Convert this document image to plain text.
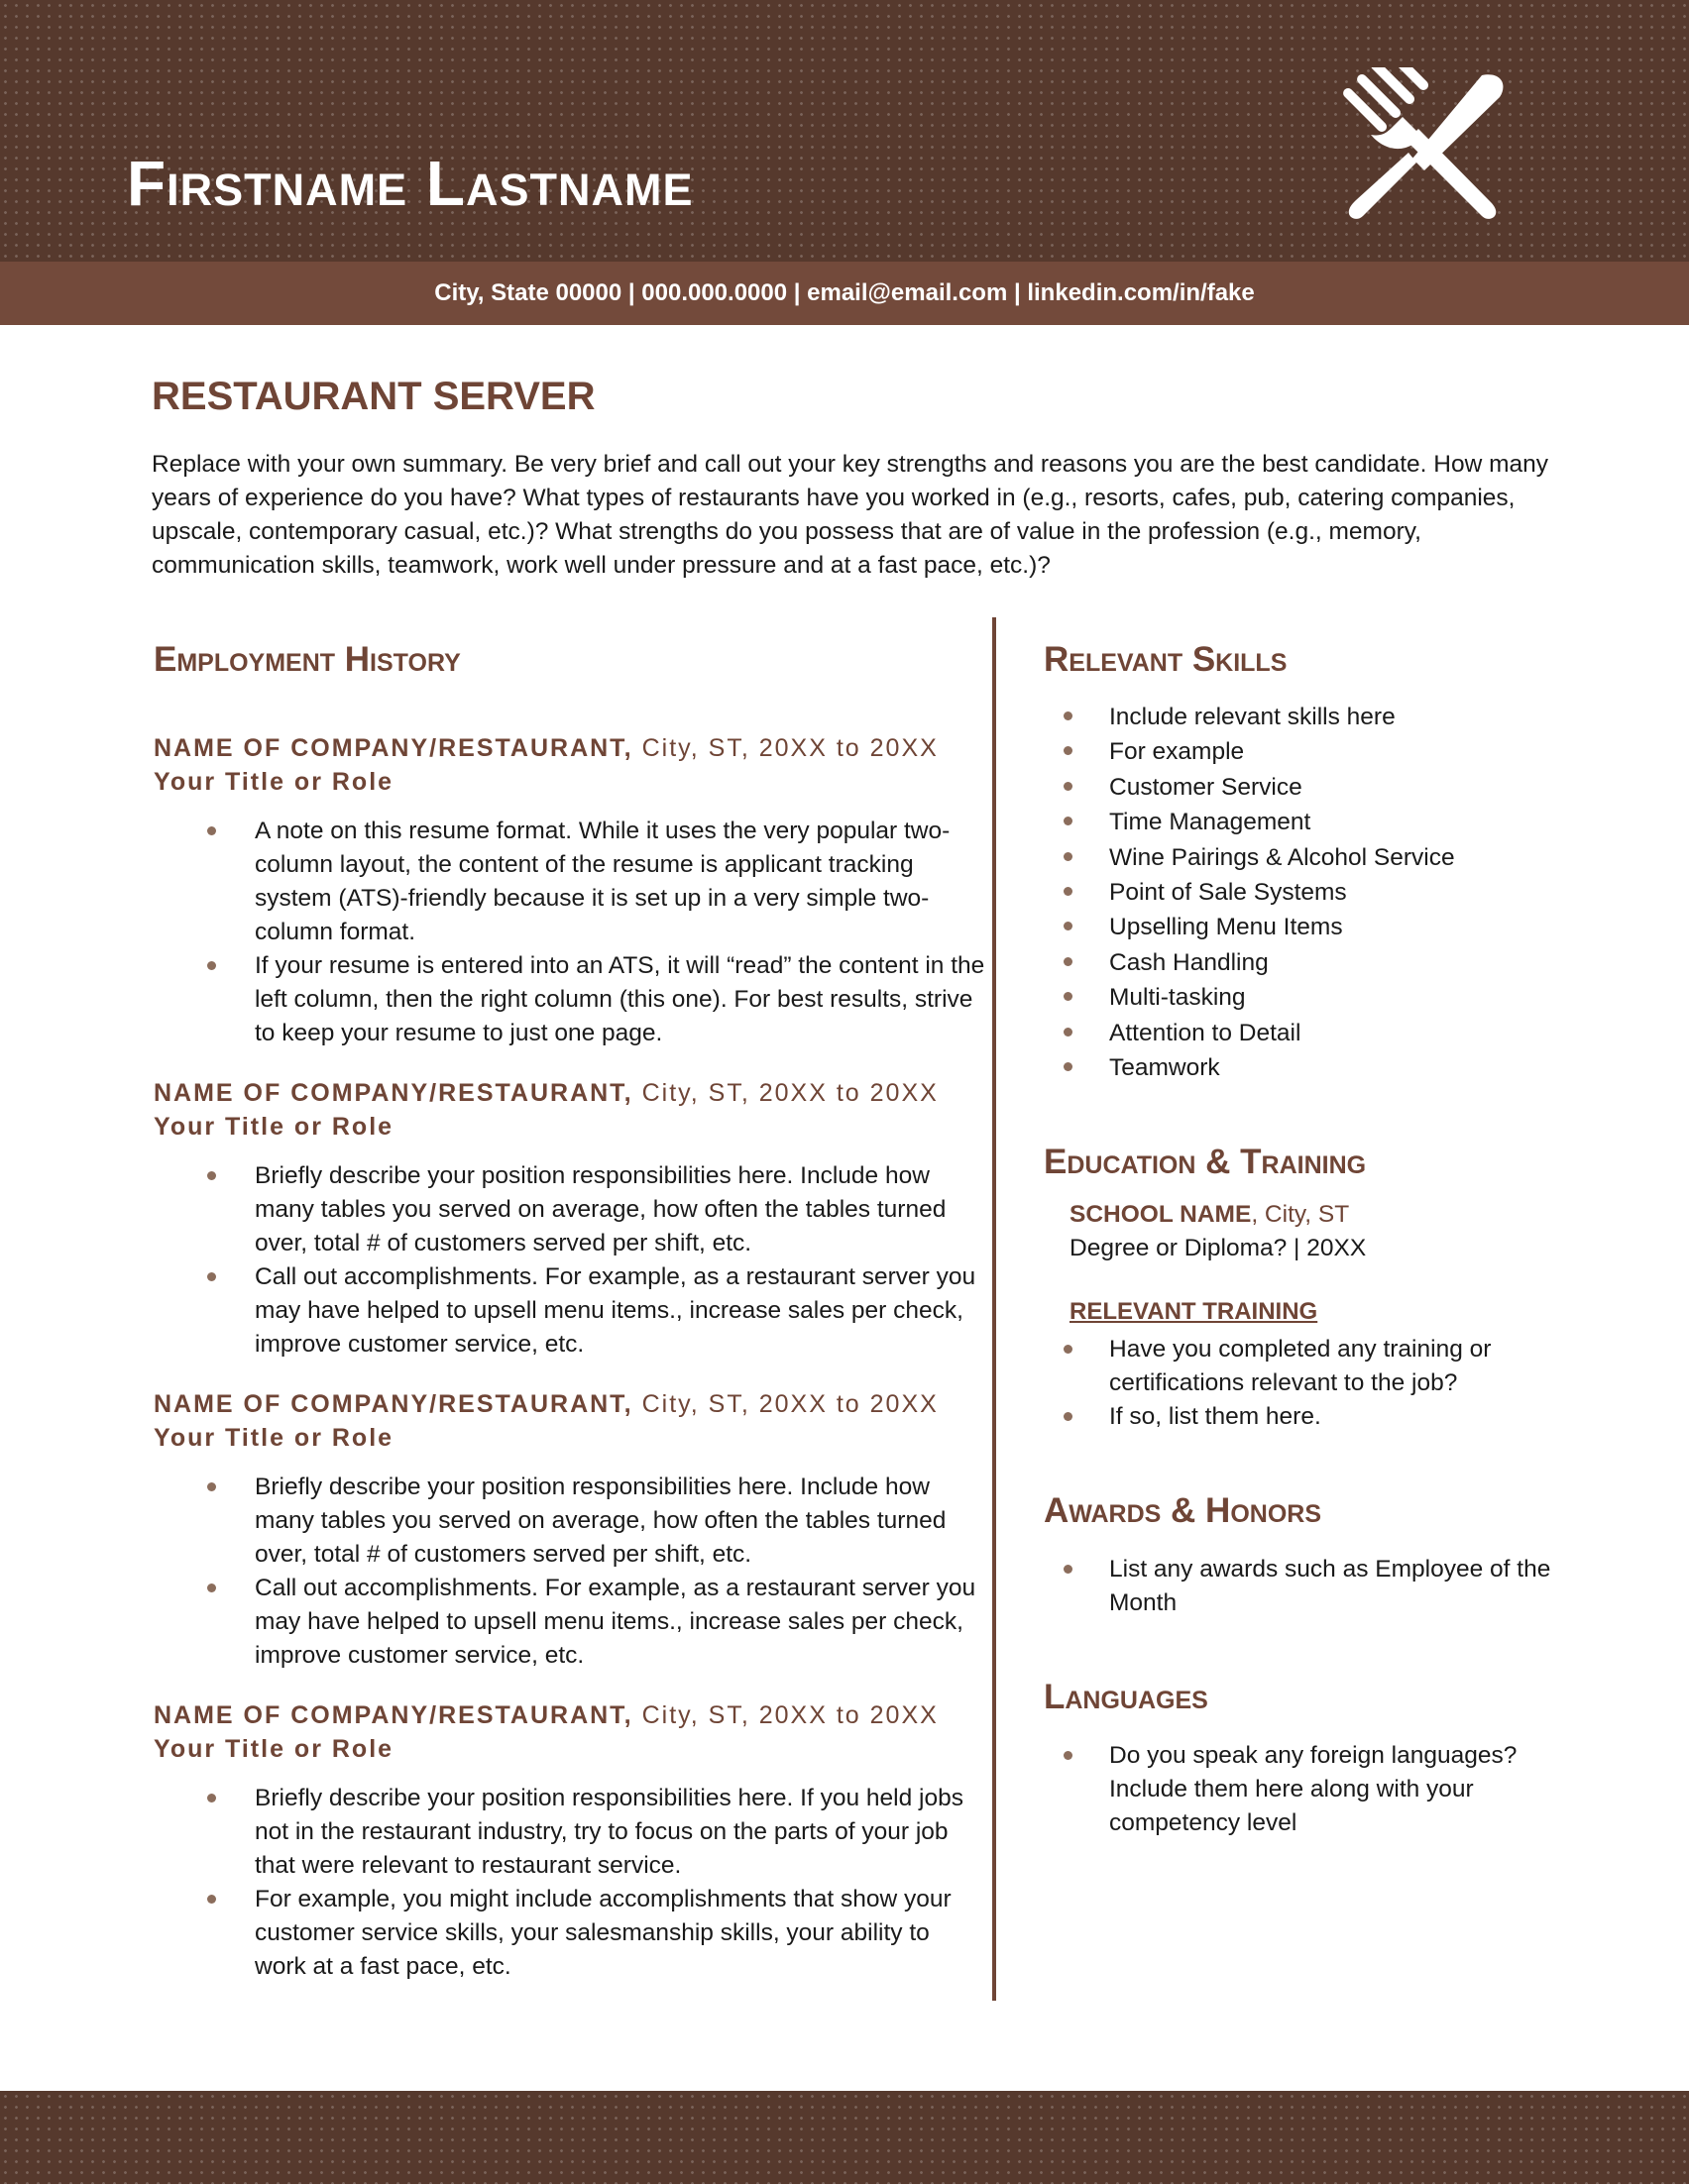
Firstname Lastname
City, State 00000 | 000.000.0000 | email@email.com | linkedin.com/in/fake
RESTAURANT SERVER

Replace with your own summary. Be very brief and call out your key strengths and reasons you are the best candidate. How many years of experience do you have? What types of restaurants have you worked in (e.g., resorts, cafes, pub, catering companies, upscale, contemporary casual, etc.)? What strengths do you possess that are of value in the profession (e.g., memory, communication skills, teamwork, work well under pressure and at a fast pace, etc.)?

Employment History
NAME OF COMPANY/RESTAURANT, City, ST, 20XX to 20XX
Your Title or Role
A note on this resume format. While it uses the very popular two-column layout, the content of the resume is applicant tracking system (ATS)-friendly because it is set up in a very simple two-column format.
If your resume is entered into an ATS, it will “read” the content in the left column, then the right column (this one). For best results, strive to keep your resume to just one page.
NAME OF COMPANY/RESTAURANT, City, ST, 20XX to 20XX
Your Title or Role
Briefly describe your position responsibilities here. Include how many tables you served on average, how often the tables turned over, total # of customers served per shift, etc.
Call out accomplishments. For example, as a restaurant server you may have helped to upsell menu items., increase sales per check, improve customer service, etc.
NAME OF COMPANY/RESTAURANT, City, ST, 20XX to 20XX
Your Title or Role
Briefly describe your position responsibilities here. Include how many tables you served on average, how often the tables turned over, total # of customers served per shift, etc.
Call out accomplishments. For example, as a restaurant server you may have helped to upsell menu items., increase sales per check, improve customer service, etc.
NAME OF COMPANY/RESTAURANT, City, ST, 20XX to 20XX
Your Title or Role
Briefly describe your position responsibilities here. If you held jobs not in the restaurant industry, try to focus on the parts of your job that were relevant to restaurant service.
For example, you might include accomplishments that show your customer service skills, your salesmanship skills, your ability to work at a fast pace, etc.
Relevant Skills
Include relevant skills here
For example
Customer Service
Time Management
Wine Pairings & Alcohol Service
Point of Sale Systems
Upselling Menu Items
Cash Handling
Multi-tasking
Attention to Detail
Teamwork
Education & Training
SCHOOL NAME, City, ST
Degree or Diploma? | 20XX
RELEVANT TRAINING
Have you completed any training or certifications relevant to the job?
If so, list them here.
Awards & Honors
List any awards such as Employee of the Month
Languages
Do you speak any foreign languages? Include them here along with your competency level
